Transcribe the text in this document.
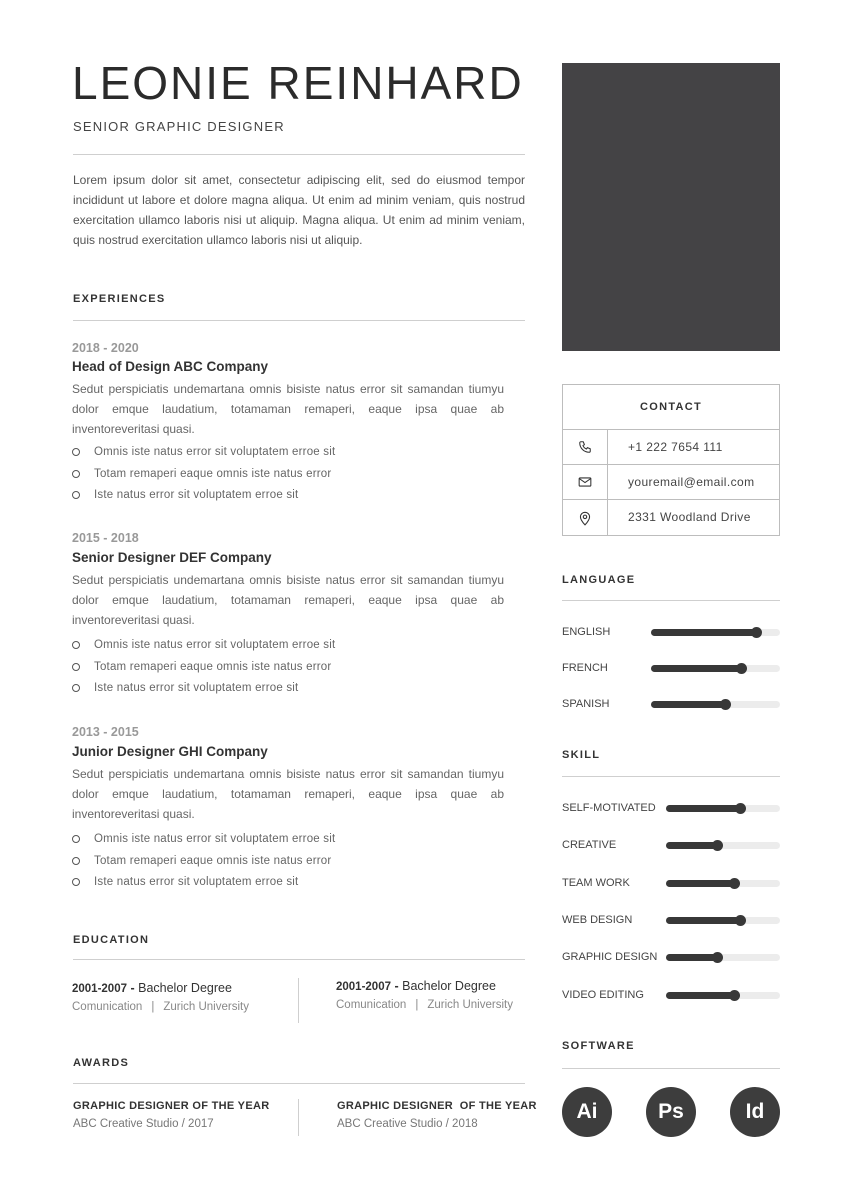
LEONIE REINHARD
SENIOR GRAPHIC DESIGNER
Lorem ipsum dolor sit amet, consectetur adipiscing elit, sed do eiusmod tempor incididunt ut labore et dolore magna aliqua. Ut enim ad minim veniam, quis nostrud exercitation ullamco laboris nisi ut aliquip. Magna aliqua. Ut enim ad minim veniam, quis nostrud exercitation ullamco laboris nisi ut aliquip.
EXPERIENCES
2018 - 2020
Head of Design ABC Company
Sedut perspiciatis undemartana omnis bisiste natus error sit samandan tiumyu dolor emque laudatium, totamaman remaperi, eaque ipsa quae ab inventoreveritasi quasi.
Omnis iste natus error sit voluptatem erroe sit
Totam remaperi eaque omnis iste natus error
Iste natus error sit voluptatem erroe sit
2015 - 2018
Senior Designer DEF Company
Sedut perspiciatis undemartana omnis bisiste natus error sit samandan tiumyu dolor emque laudatium, totamaman remaperi, eaque ipsa quae ab inventoreveritasi quasi.
Omnis iste natus error sit voluptatem erroe sit
Totam remaperi eaque omnis iste natus error
Iste natus error sit voluptatem erroe sit
2013 - 2015
Junior Designer GHI Company
Sedut perspiciatis undemartana omnis bisiste natus error sit samandan tiumyu dolor emque laudatium, totamaman remaperi, eaque ipsa quae ab inventoreveritasi quasi.
Omnis iste natus error sit voluptatem erroe sit
Totam remaperi eaque omnis iste natus error
Iste natus error sit voluptatem erroe sit
EDUCATION
2001-2007 - Bachelor Degree
Comunication | Zurich University
2001-2007 - Bachelor Degree
Comunication | Zurich University
AWARDS
GRAPHIC DESIGNER OF THE YEAR
ABC Creative Studio / 2017
GRAPHIC DESIGNER  OF THE YEAR
ABC Creative Studio / 2018
CONTACT
+1 222 7654 111
youremail@email.com
2331 Woodland Drive
LANGUAGE
ENGLISH
FRENCH
SPANISH
SKILL
SELF-MOTIVATED
CREATIVE
TEAM WORK
WEB DESIGN
GRAPHIC DESIGN
VIDEO EDITING
SOFTWARE
Ai	Ps	Id
